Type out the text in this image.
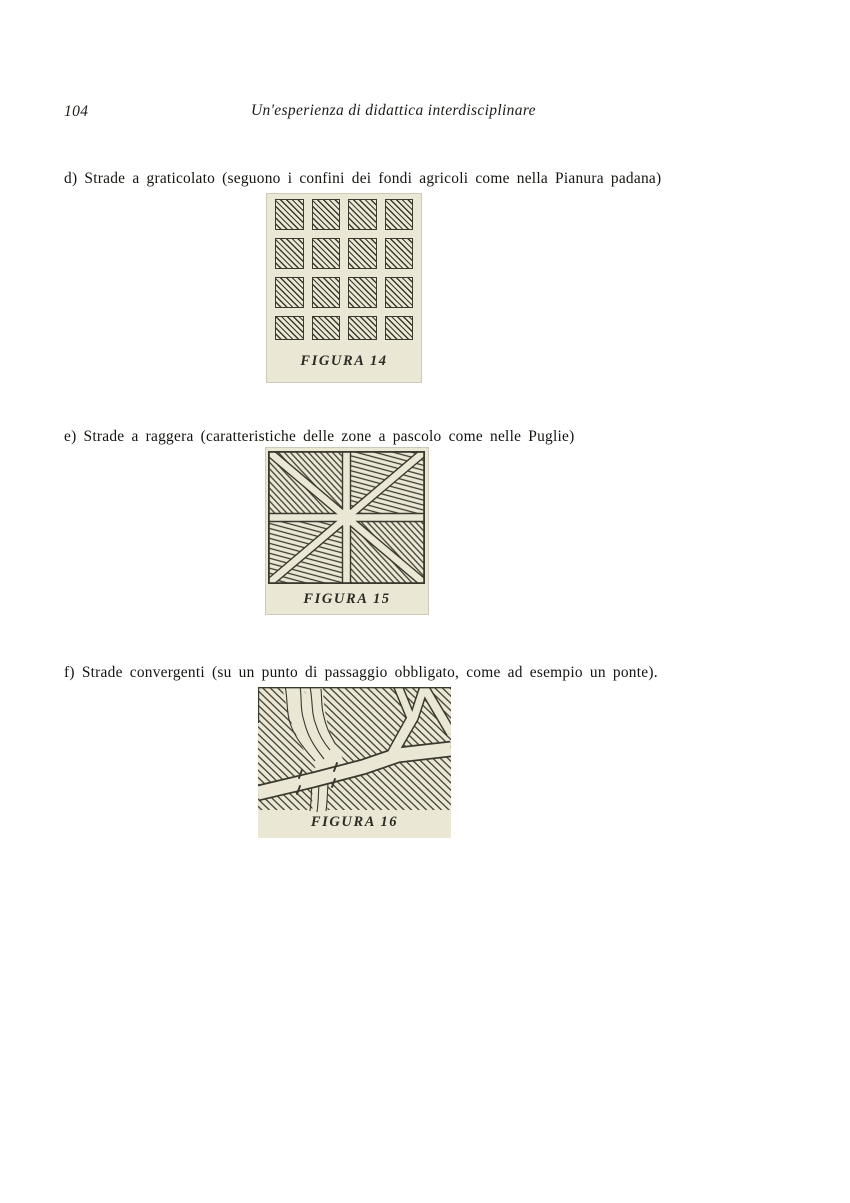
104	Un'esperienza di didattica interdisciplinare
d) Strade a graticolato (seguono i confini dei fondi agricoli come nella Pianura padana)
FIGURA 14
e) Strade a raggera (caratteristiche delle zone a pascolo come nelle Puglie)
FIGURA 15
f) Strade convergenti (su un punto di passaggio obbligato, come ad esempio un ponte).
FIGURA 16
